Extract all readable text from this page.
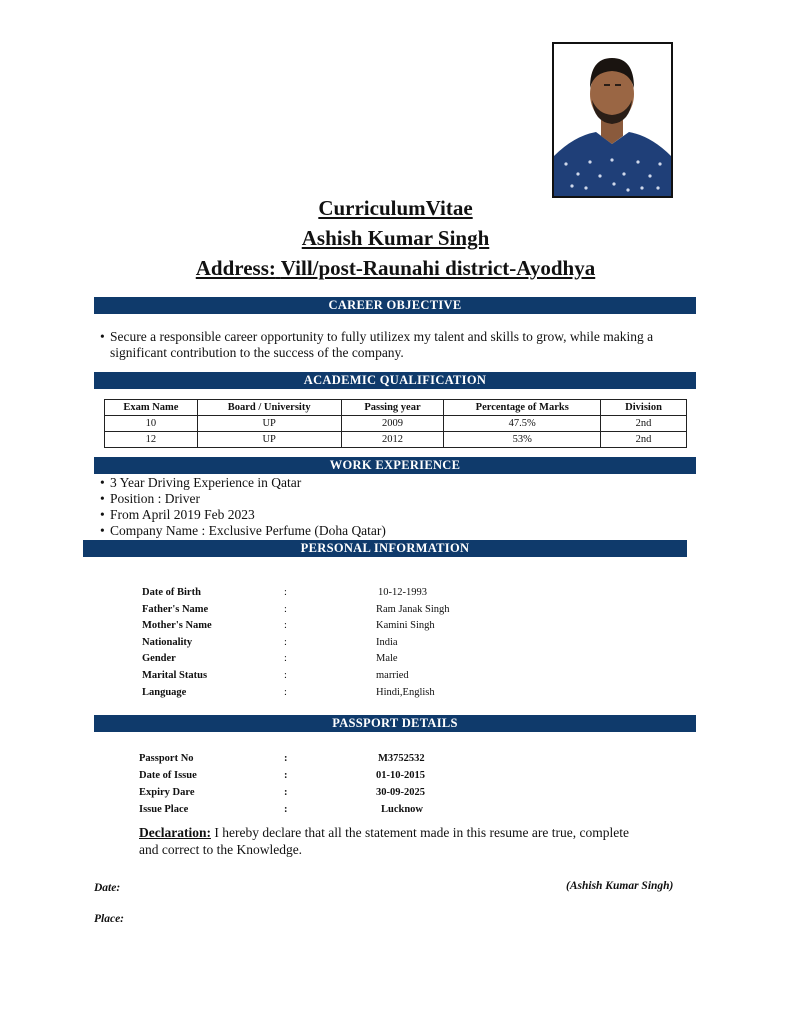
CurriculumVitae
Ashish Kumar Singh
Address: Vill/post-Raunahi district-Ayodhya
CAREER OBJECTIVE
• Secure a responsible career opportunity to fully utilizex my talent and skills to grow, while making a
significant contribution to the success of the company.
ACADEMIC QUALIFICATION
Exam Name	Board / University	Passing year	Percentage of Marks	Division
10	UP	2009	47.5%	2nd
12	UP	2012	53%	2nd
WORK EXPERIENCE
• 3 Year Driving Experience in Qatar
• Position : Driver
• From April 2019 Feb 2023
• Company Name : Exclusive Perfume (Doha Qatar)
PERSONAL INFORMATION
Date of Birth	:	10-12-1993
Father's Name	:	Ram Janak Singh
Mother's Name	:	Kamini Singh
Nationality	:	India
Gender	:	Male
Marital Status	:	married
Language	:	Hindi,English
PASSPORT DETAILS
Passport No	:	M3752532
Date of Issue	:	01-10-2015
Expiry Dare	:	30-09-2025
Issue Place	:	Lucknow
Declaration: I hereby declare that all the statement made in this resume are true, complete
and correct to the Knowledge.
Date:
Place:
(Ashish Kumar Singh)
